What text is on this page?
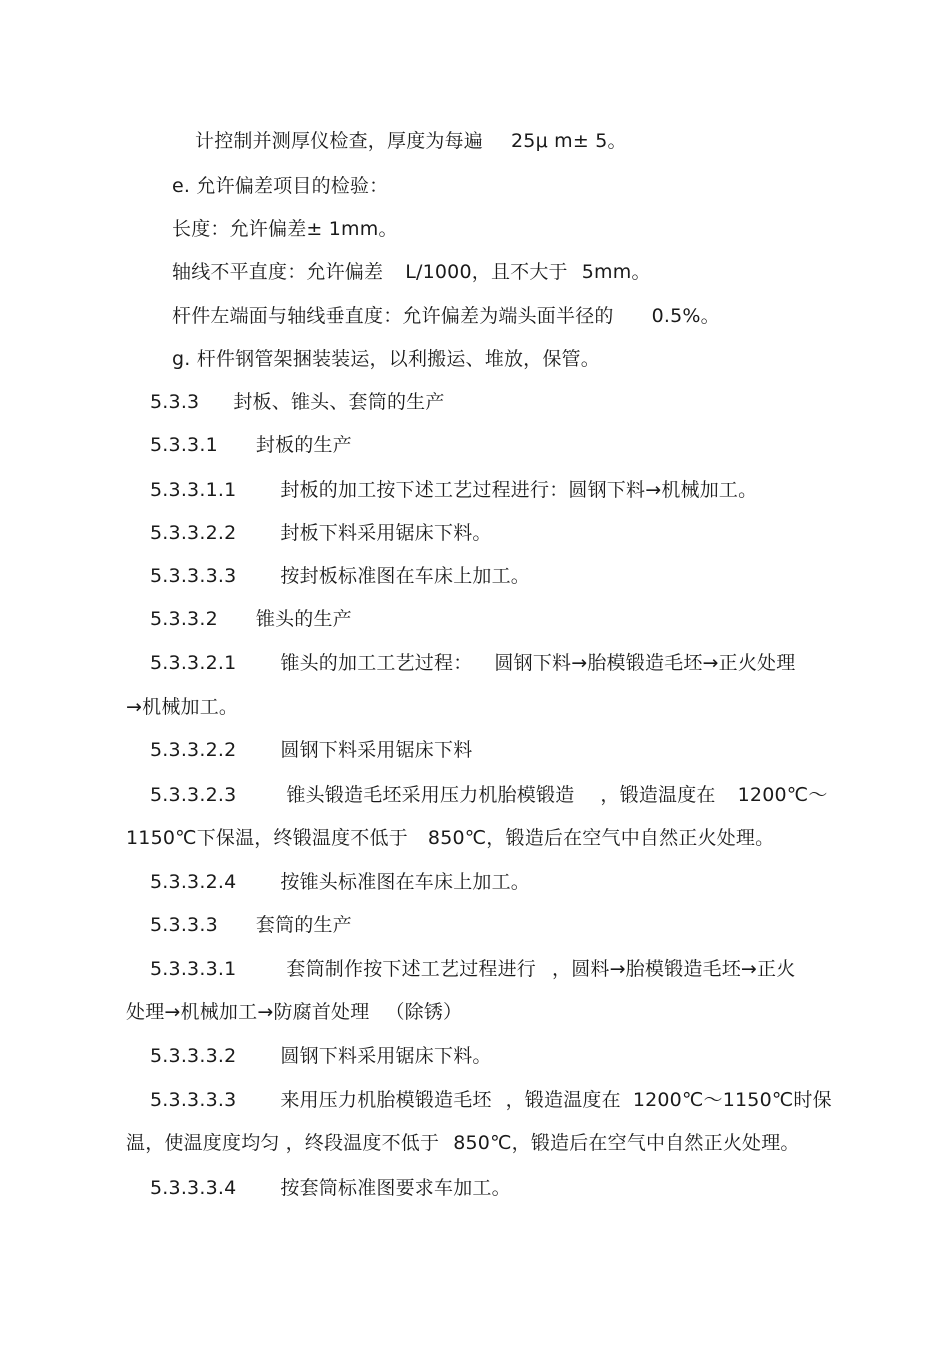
计控制并测厚仪检查，厚度为每遍 25μ m± 5。
e. 允许偏差项目的检验：
长度：允许偏差± 1mm。
轴线不平直度：允许偏差 L/1000，且不大于 5mm。
杆件左端面与轴线垂直度：允许偏差为端头面半径的 0.5%。
g. 杆件钢管架捆装装运，以利搬运、堆放，保管。
5.3.3 封板、锥头、套筒的生产
5.3.3.1 封板的生产
5.3.3.1.1 封板的加工按下述工艺过程进行：圆钢下料→机械加工。
5.3.3.2.2 封板下料采用锯床下料。
5.3.3.3.3 按封板标准图在车床上加工。
5.3.3.2 锥头的生产
5.3.3.2.1 锥头的加工工艺过程： 圆钢下料→胎模锻造毛坯→正火处理
→机械加工。
5.3.3.2.2 圆钢下料采用锯床下料
5.3.3.2.3	锥头锻造毛坯采用压力机胎模锻造 ，锻造温度在 1200℃～
1150℃下保温，终锻温度不低于 850℃，锻造后在空气中自然正火处理。
5.3.3.2.4 按锥头标准图在车床上加工。
5.3.3.3 套筒的生产
5.3.3.3.1	套筒制作按下述工艺过程进行 ，圆料→胎模锻造毛坯→正火
处理→机械加工→防腐首处理 （除锈）
5.3.3.3.2 圆钢下料采用锯床下料。
5.3.3.3.3 来用压力机胎模锻造毛坯 ，锻造温度在 1200℃～1150℃时保
温，使温度度均匀 ，终段温度不低于 850℃，锻造后在空气中自然正火处理。
5.3.3.3.4 按套筒标准图要求车加工。
